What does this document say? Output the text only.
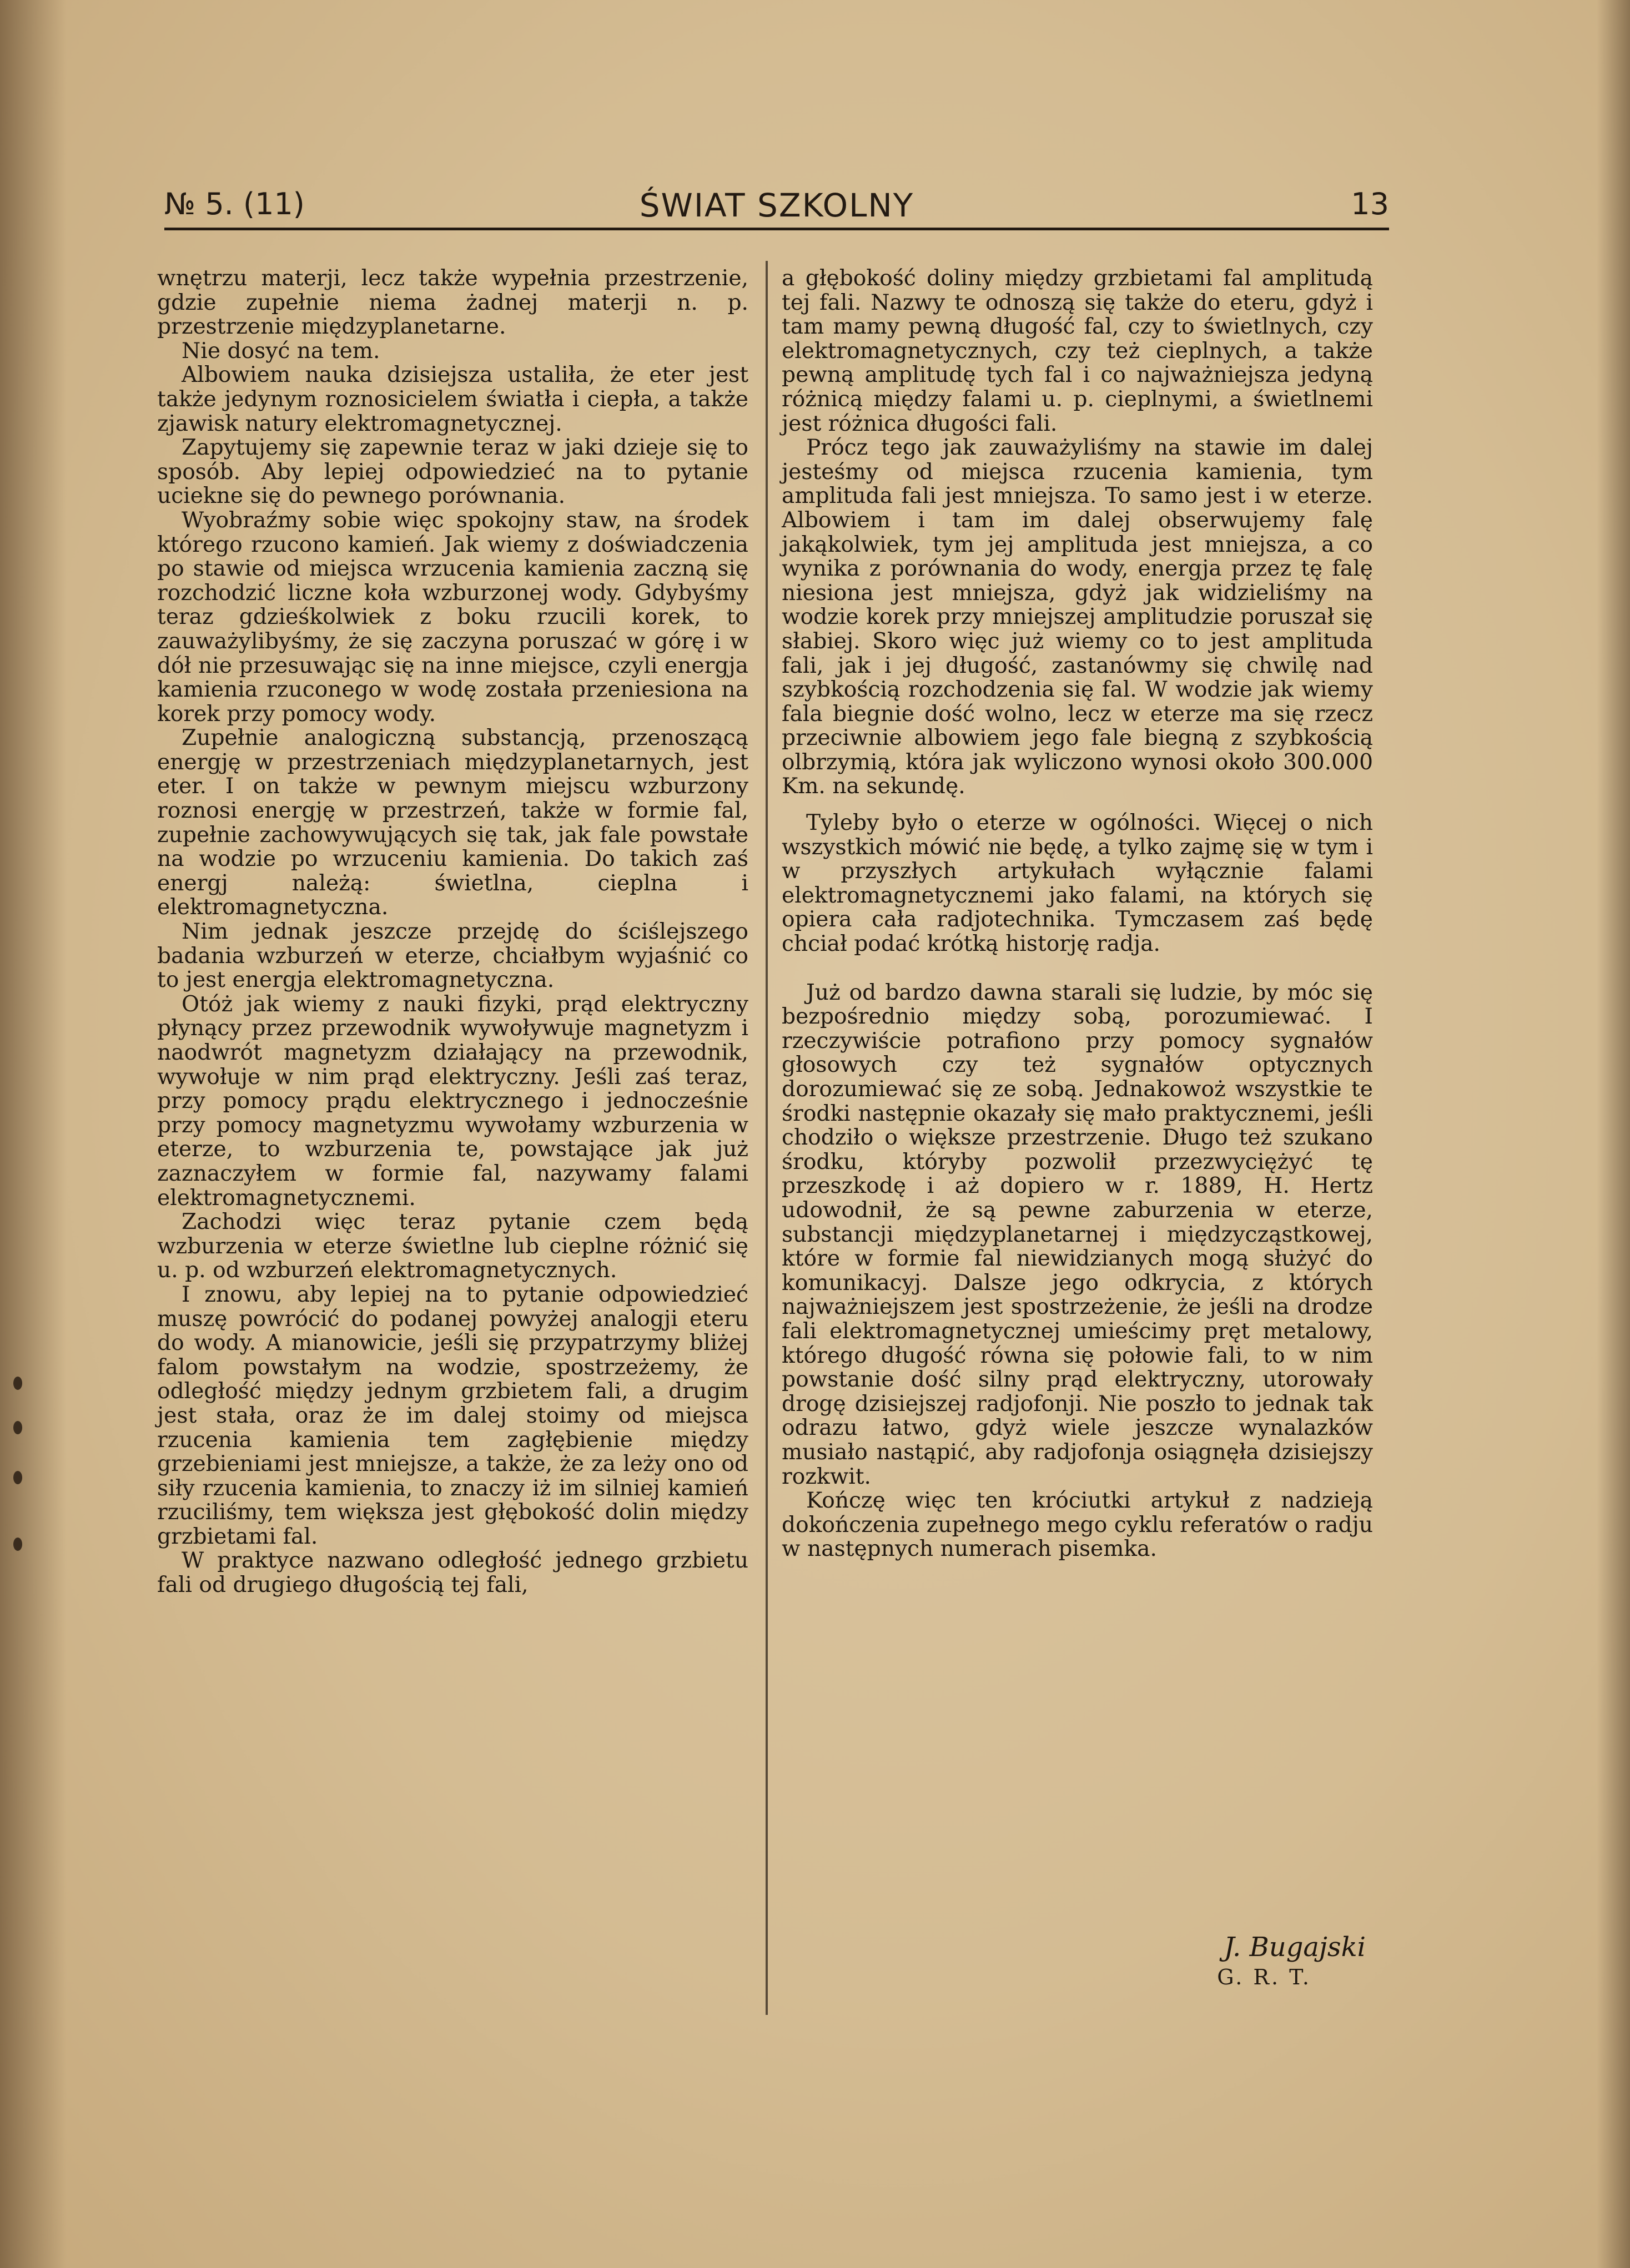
№ 5. (11)	ŚWIAT SZKOLNY	13

wnętrzu materji, lecz także wypełnia przestrzenie, gdzie zupełnie niema żadnej materji n. p. przestrzenie międzyplanetarne.

Nie dosyć na tem.

Albowiem nauka dzisiejsza ustaliła, że eter jest także jedynym roznosicielem światła i ciepła, a także zjawisk natury elektromagnetycznej.

Zapytujemy się zapewnie teraz w jaki dzieje się to sposób. Aby lepiej odpowiedzieć na to pytanie uciekne się do pewnego porównania.

Wyobraźmy sobie więc spokojny staw, na środek którego rzucono kamień. Jak wiemy z doświadczenia po stawie od miejsca wrzucenia kamienia zaczną się rozchodzić liczne koła wzburzonej wody. Gdybyśmy teraz gdzieśkolwiek z boku rzucili korek, to zauważylibyśmy, że się zaczyna poruszać w górę i w dół nie przesuwając się na inne miejsce, czyli energja kamienia rzuconego w wodę została przeniesiona na korek przy pomocy wody.

Zupełnie analogiczną substancją, przenoszącą energję w przestrzeniach międzyplanetarnych, jest eter. I on także w pewnym miejscu wzburzony roznosi energję w przestrzeń, także w formie fal, zupełnie zachowywujących się tak, jak fale powstałe na wodzie po wrzuceniu kamienia. Do takich zaś energj należą: świetlna, cieplna i elektromagnetyczna.

Nim jednak jeszcze przejdę do ściślejszego badania wzburzeń w eterze, chciałbym wyjaśnić co to jest energja elektromagnetyczna.

Otóż jak wiemy z nauki fizyki, prąd elektryczny płynący przez przewodnik wywoływuje magnetyzm i naodwrót magnetyzm działający na przewodnik, wywołuje w nim prąd elektryczny. Jeśli zaś teraz, przy pomocy prądu elektrycznego i jednocześnie przy pomocy magnetyzmu wywołamy wzburzenia w eterze, to wzburzenia te, powstające jak już zaznaczyłem w formie fal, nazywamy falami elektromagnetycznemi.

Zachodzi więc teraz pytanie czem będą wzburzenia w eterze świetlne lub cieplne różnić się u. p. od wzburzeń elektromagnetycznych.

I znowu, aby lepiej na to pytanie odpowiedzieć muszę powrócić do podanej powyżej analogji eteru do wody. A mianowicie, jeśli się przypatrzymy bliżej falom powstałym na wodzie, spostrzeżemy, że odległość między jednym grzbietem fali, a drugim jest stała, oraz że im dalej stoimy od miejsca rzucenia kamienia tem zagłębienie między grzebieniami jest mniejsze, a także, że za leży ono od siły rzucenia kamienia, to znaczy iż im silniej kamień rzuciliśmy, tem większa jest głębokość dolin między grzbietami fal.

W praktyce nazwano odległość jednego grzbietu fali od drugiego długością tej fali,

a głębokość doliny między grzbietami fal amplitudą tej fali. Nazwy te odnoszą się także do eteru, gdyż i tam mamy pewną długość fal, czy to świetlnych, czy elektromagnetycznych, czy też cieplnych, a także pewną amplitudę tych fal i co najważniejsza jedyną różnicą między falami u. p. cieplnymi, a świetlnemi jest różnica długości fali.

Prócz tego jak zauważyliśmy na stawie im dalej jesteśmy od miejsca rzucenia kamienia, tym amplituda fali jest mniejsza. To samo jest i w eterze. Albowiem i tam im dalej obserwujemy falę jakąkolwiek, tym jej amplituda jest mniejsza, a co wynika z porównania do wody, energja przez tę falę niesiona jest mniejsza, gdyż jak widzieliśmy na wodzie korek przy mniejszej amplitudzie poruszał się słabiej. Skoro więc już wiemy co to jest amplituda fali, jak i jej długość, zastanówmy się chwilę nad szybkością rozchodzenia się fal. W wodzie jak wiemy fala biegnie dość wolno, lecz w eterze ma się rzecz przeciwnie albowiem jego fale biegną z szybkością olbrzymią, która jak wyliczono wynosi około 300.000 Km. na sekundę.

Tyleby było o eterze w ogólności. Więcej o nich wszystkich mówić nie będę, a tylko zajmę się w tym i w przyszłych artykułach wyłącznie falami elektromagnetycznemi jako falami, na których się opiera cała radjotechnika. Tymczasem zaś będę chciał podać krótką historję radja.

Już od bardzo dawna starali się ludzie, by móc się bezpośrednio między sobą, porozumiewać. I rzeczywiście potrafiono przy pomocy sygnałów głosowych czy też sygnałów optycznych dorozumiewać się ze sobą. Jednakowoż wszystkie te środki następnie okazały się mało praktycznemi, jeśli chodziło o większe przestrzenie. Długo też szukano środku, któryby pozwolił przezwyciężyć tę przeszkodę i aż dopiero w r. 1889, H. Hertz udowodnił, że są pewne zaburzenia w eterze, substancji międzyplanetarnej i międzycząstkowej, które w formie fal niewidzianych mogą służyć do komunikacyj. Dalsze jego odkrycia, z których najważniejszem jest spostrzeżenie, że jeśli na drodze fali elektromagnetycznej umieścimy pręt metalowy, którego długość równa się połowie fali, to w nim powstanie dość silny prąd elektryczny, utorowały drogę dzisiejszej radjofonji. Nie poszło to jednak tak odrazu łatwo, gdyż wiele jeszcze wynalazków musiało nastąpić, aby radjofonja osiągnęła dzisiejszy rozkwit.

Kończę więc ten króciutki artykuł z nadzieją dokończenia zupełnego mego cyklu referatów o radju w następnych numerach pisemka.

J. Bugajski
G. R. T.
